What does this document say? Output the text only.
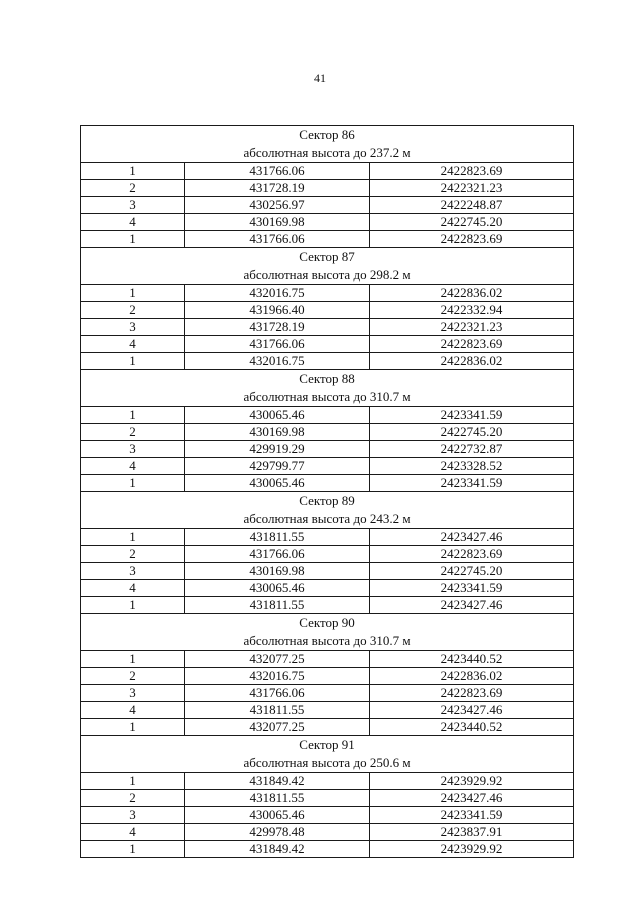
41
Сектор 86
абсолютная высота до 237.2 м		

1	431766.06	2422823.69
2	431728.19	2422321.23
3	430256.97	2422248.87
4	430169.98	2422745.20
1	431766.06	2422823.69

Сектор 87
абсолютная высота до 298.2 м		

1	432016.75	2422836.02
2	431966.40	2422332.94
3	431728.19	2422321.23
4	431766.06	2422823.69
1	432016.75	2422836.02

Сектор 88
абсолютная высота до 310.7 м		

1	430065.46	2423341.59
2	430169.98	2422745.20
3	429919.29	2422732.87
4	429799.77	2423328.52
1	430065.46	2423341.59

Сектор 89
абсолютная высота до 243.2 м		

1	431811.55	2423427.46
2	431766.06	2422823.69
3	430169.98	2422745.20
4	430065.46	2423341.59
1	431811.55	2423427.46

Сектор 90
абсолютная высота до 310.7 м		

1	432077.25	2423440.52
2	432016.75	2422836.02
3	431766.06	2422823.69
4	431811.55	2423427.46
1	432077.25	2423440.52

Сектор 91
абсолютная высота до 250.6 м		

1	431849.42	2423929.92
2	431811.55	2423427.46
3	430065.46	2423341.59
4	429978.48	2423837.91
1	431849.42	2423929.92
